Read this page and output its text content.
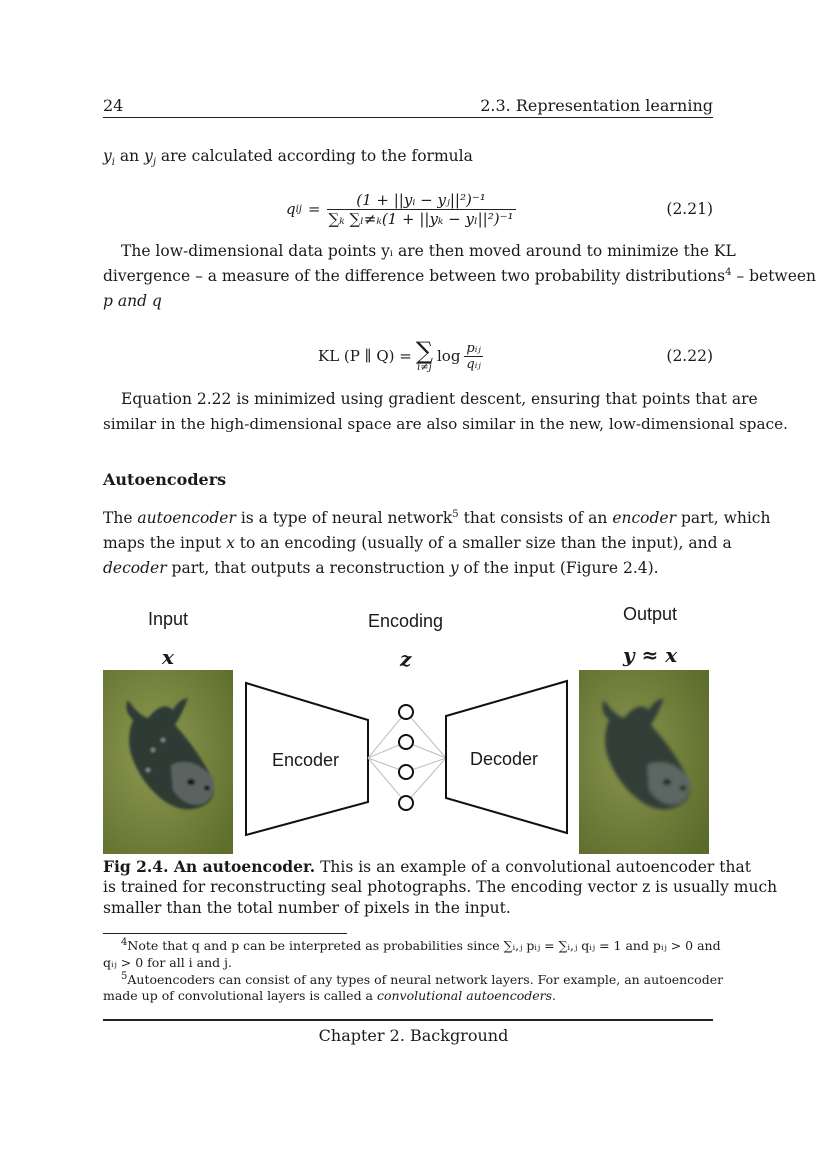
24	2.3. Representation learning
$y_i$ an $y_j$ are calculated according to the formula
q ij = $\frac{\text{(1 + ||yᵢ − yⱼ||²)⁻¹}}{\text{∑ₖ ∑ₗ≠ₖ(1 + ||yₖ − yₗ||²)⁻¹}}$	(2.21)
The low-dimensional data points yᵢ are then moved around to minimize the KL
divergence – a measure of the difference between two probability distributions$^4$ – between
p and q
KL (P ∥ Q) = ∑
i≠j
$\log \frac{\text{pᵢⱼ}}{\text{qᵢⱼ}}$	(2.22)
Equation 2.22 is minimized using gradient descent, ensuring that points that are
similar in the high-dimensional space are also similar in the new, low-dimensional space.
Autoencoders
The autoencoder is a type of neural network$^5$ that consists of an encoder part, which
maps the input x to an encoding (usually of a smaller size than the input), and a
decoder part, that outputs a reconstruction y of the input (Figure 2.4).
Input	Encoding	Output
x	z	y ≈ x
Encoder	Decoder
Fig 2.4. An autoencoder. This is an example of a convolutional autoencoder that
is trained for reconstructing seal photographs. The encoding vector z is usually much
smaller than the total number of pixels in the input.
$^4$Note that q and p can be interpreted as probabilities since ∑ᵢ,ⱼ pᵢⱼ = ∑ᵢ,ⱼ qᵢⱼ = 1 and pᵢⱼ > 0 and
qᵢⱼ > 0 for all i and j.
$^5$Autoencoders can consist of any types of neural network layers. For example, an autoencoder
made up of convolutional layers is called a convolutional autoencoders.
Chapter 2. Background
